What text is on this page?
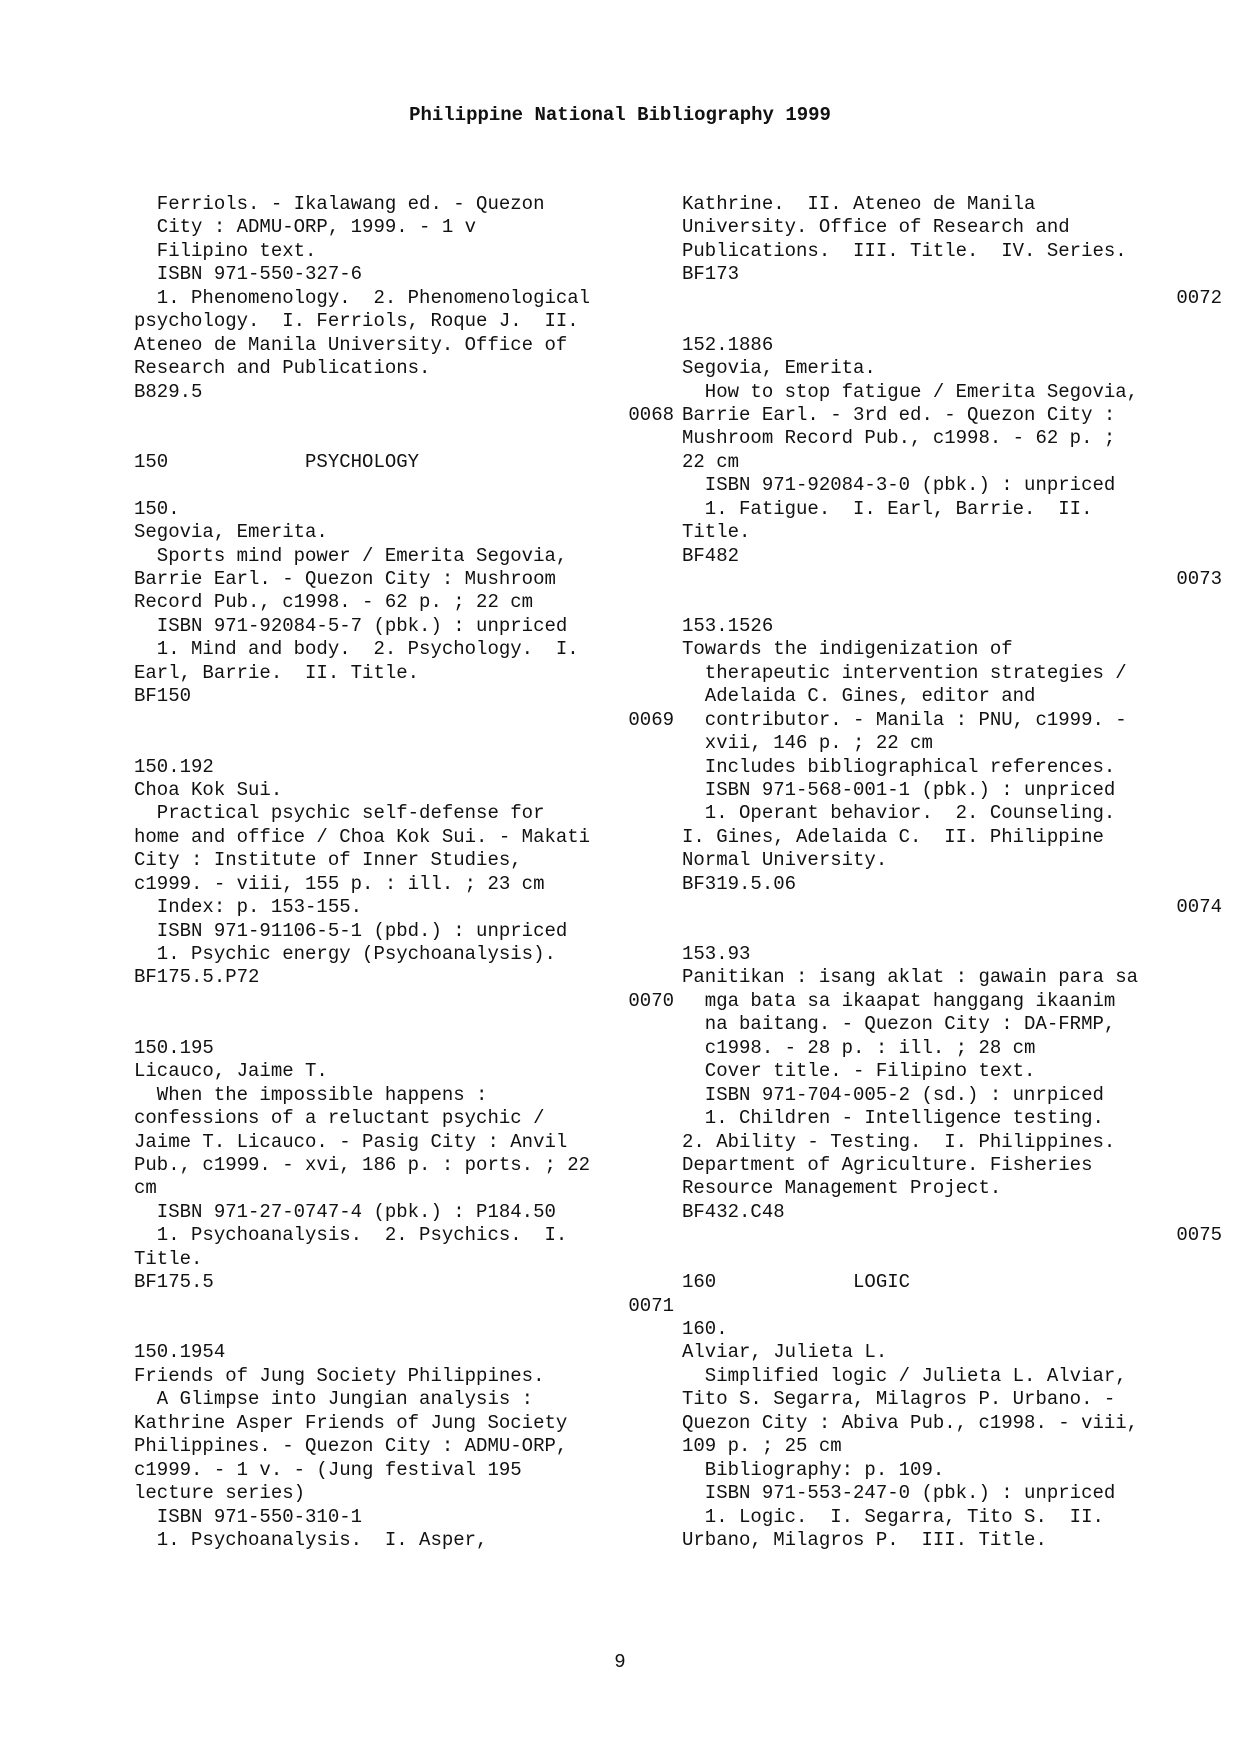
Philippine National Bibliography 1999
Ferriols. - Ikalawang ed. - Quezon
City : ADMU-ORP, 1999. - 1 v
Filipino text.
ISBN 971-550-327-6
1. Phenomenology.  2. Phenomenological
psychology.  I. Ferriols, Roque J.  II.
Ateneo de Manila University. Office of
Research and Publications.
B829.5
0068
150            PSYCHOLOGY
150.
Segovia, Emerita.
Sports mind power / Emerita Segovia,
Barrie Earl. - Quezon City : Mushroom
Record Pub., c1998. - 62 p. ; 22 cm
ISBN 971-92084-5-7 (pbk.) : unpriced
1. Mind and body.  2. Psychology.  I.
Earl, Barrie.  II. Title.
BF150
0069
150.192
Choa Kok Sui.
Practical psychic self-defense for
home and office / Choa Kok Sui. - Makati
City : Institute of Inner Studies,
c1999. - viii, 155 p. : ill. ; 23 cm
Index: p. 153-155.
ISBN 971-91106-5-1 (pbd.) : unpriced
1. Psychic energy (Psychoanalysis).
BF175.5.P72
0070
150.195
Licauco, Jaime T.
When the impossible happens :
confessions of a reluctant psychic /
Jaime T. Licauco. - Pasig City : Anvil
Pub., c1999. - xvi, 186 p. : ports. ; 22
cm
ISBN 971-27-0747-4 (pbk.) : P184.50
1. Psychoanalysis.  2. Psychics.  I.
Title.
BF175.5
0071
150.1954
Friends of Jung Society Philippines.
A Glimpse into Jungian analysis :
Kathrine Asper Friends of Jung Society
Philippines. - Quezon City : ADMU-ORP,
c1999. - 1 v. - (Jung festival 195
lecture series)
ISBN 971-550-310-1
1. Psychoanalysis.  I. Asper,
Kathrine.  II. Ateneo de Manila
University. Office of Research and
Publications.  III. Title.  IV. Series.
BF173
0072
152.1886
Segovia, Emerita.
How to stop fatigue / Emerita Segovia,
Barrie Earl. - 3rd ed. - Quezon City :
Mushroom Record Pub., c1998. - 62 p. ;
22 cm
ISBN 971-92084-3-0 (pbk.) : unpriced
1. Fatigue.  I. Earl, Barrie.  II.
Title.
BF482
0073
153.1526
Towards the indigenization of
therapeutic intervention strategies /
Adelaida C. Gines, editor and
contributor. - Manila : PNU, c1999. -
xvii, 146 p. ; 22 cm
Includes bibliographical references.
ISBN 971-568-001-1 (pbk.) : unpriced
1. Operant behavior.  2. Counseling.
I. Gines, Adelaida C.  II. Philippine
Normal University.
BF319.5.06
0074
153.93
Panitikan : isang aklat : gawain para sa
mga bata sa ikaapat hanggang ikaanim
na baitang. - Quezon City : DA-FRMP,
c1998. - 28 p. : ill. ; 28 cm
Cover title. - Filipino text.
ISBN 971-704-005-2 (sd.) : unrpiced
1. Children - Intelligence testing.
2. Ability - Testing.  I. Philippines.
Department of Agriculture. Fisheries
Resource Management Project.
BF432.C48
0075
160            LOGIC
160.
Alviar, Julieta L.
Simplified logic / Julieta L. Alviar,
Tito S. Segarra, Milagros P. Urbano. -
Quezon City : Abiva Pub., c1998. - viii,
109 p. ; 25 cm
Bibliography: p. 109.
ISBN 971-553-247-0 (pbk.) : unpriced
1. Logic.  I. Segarra, Tito S.  II.
Urbano, Milagros P.  III. Title.
9
